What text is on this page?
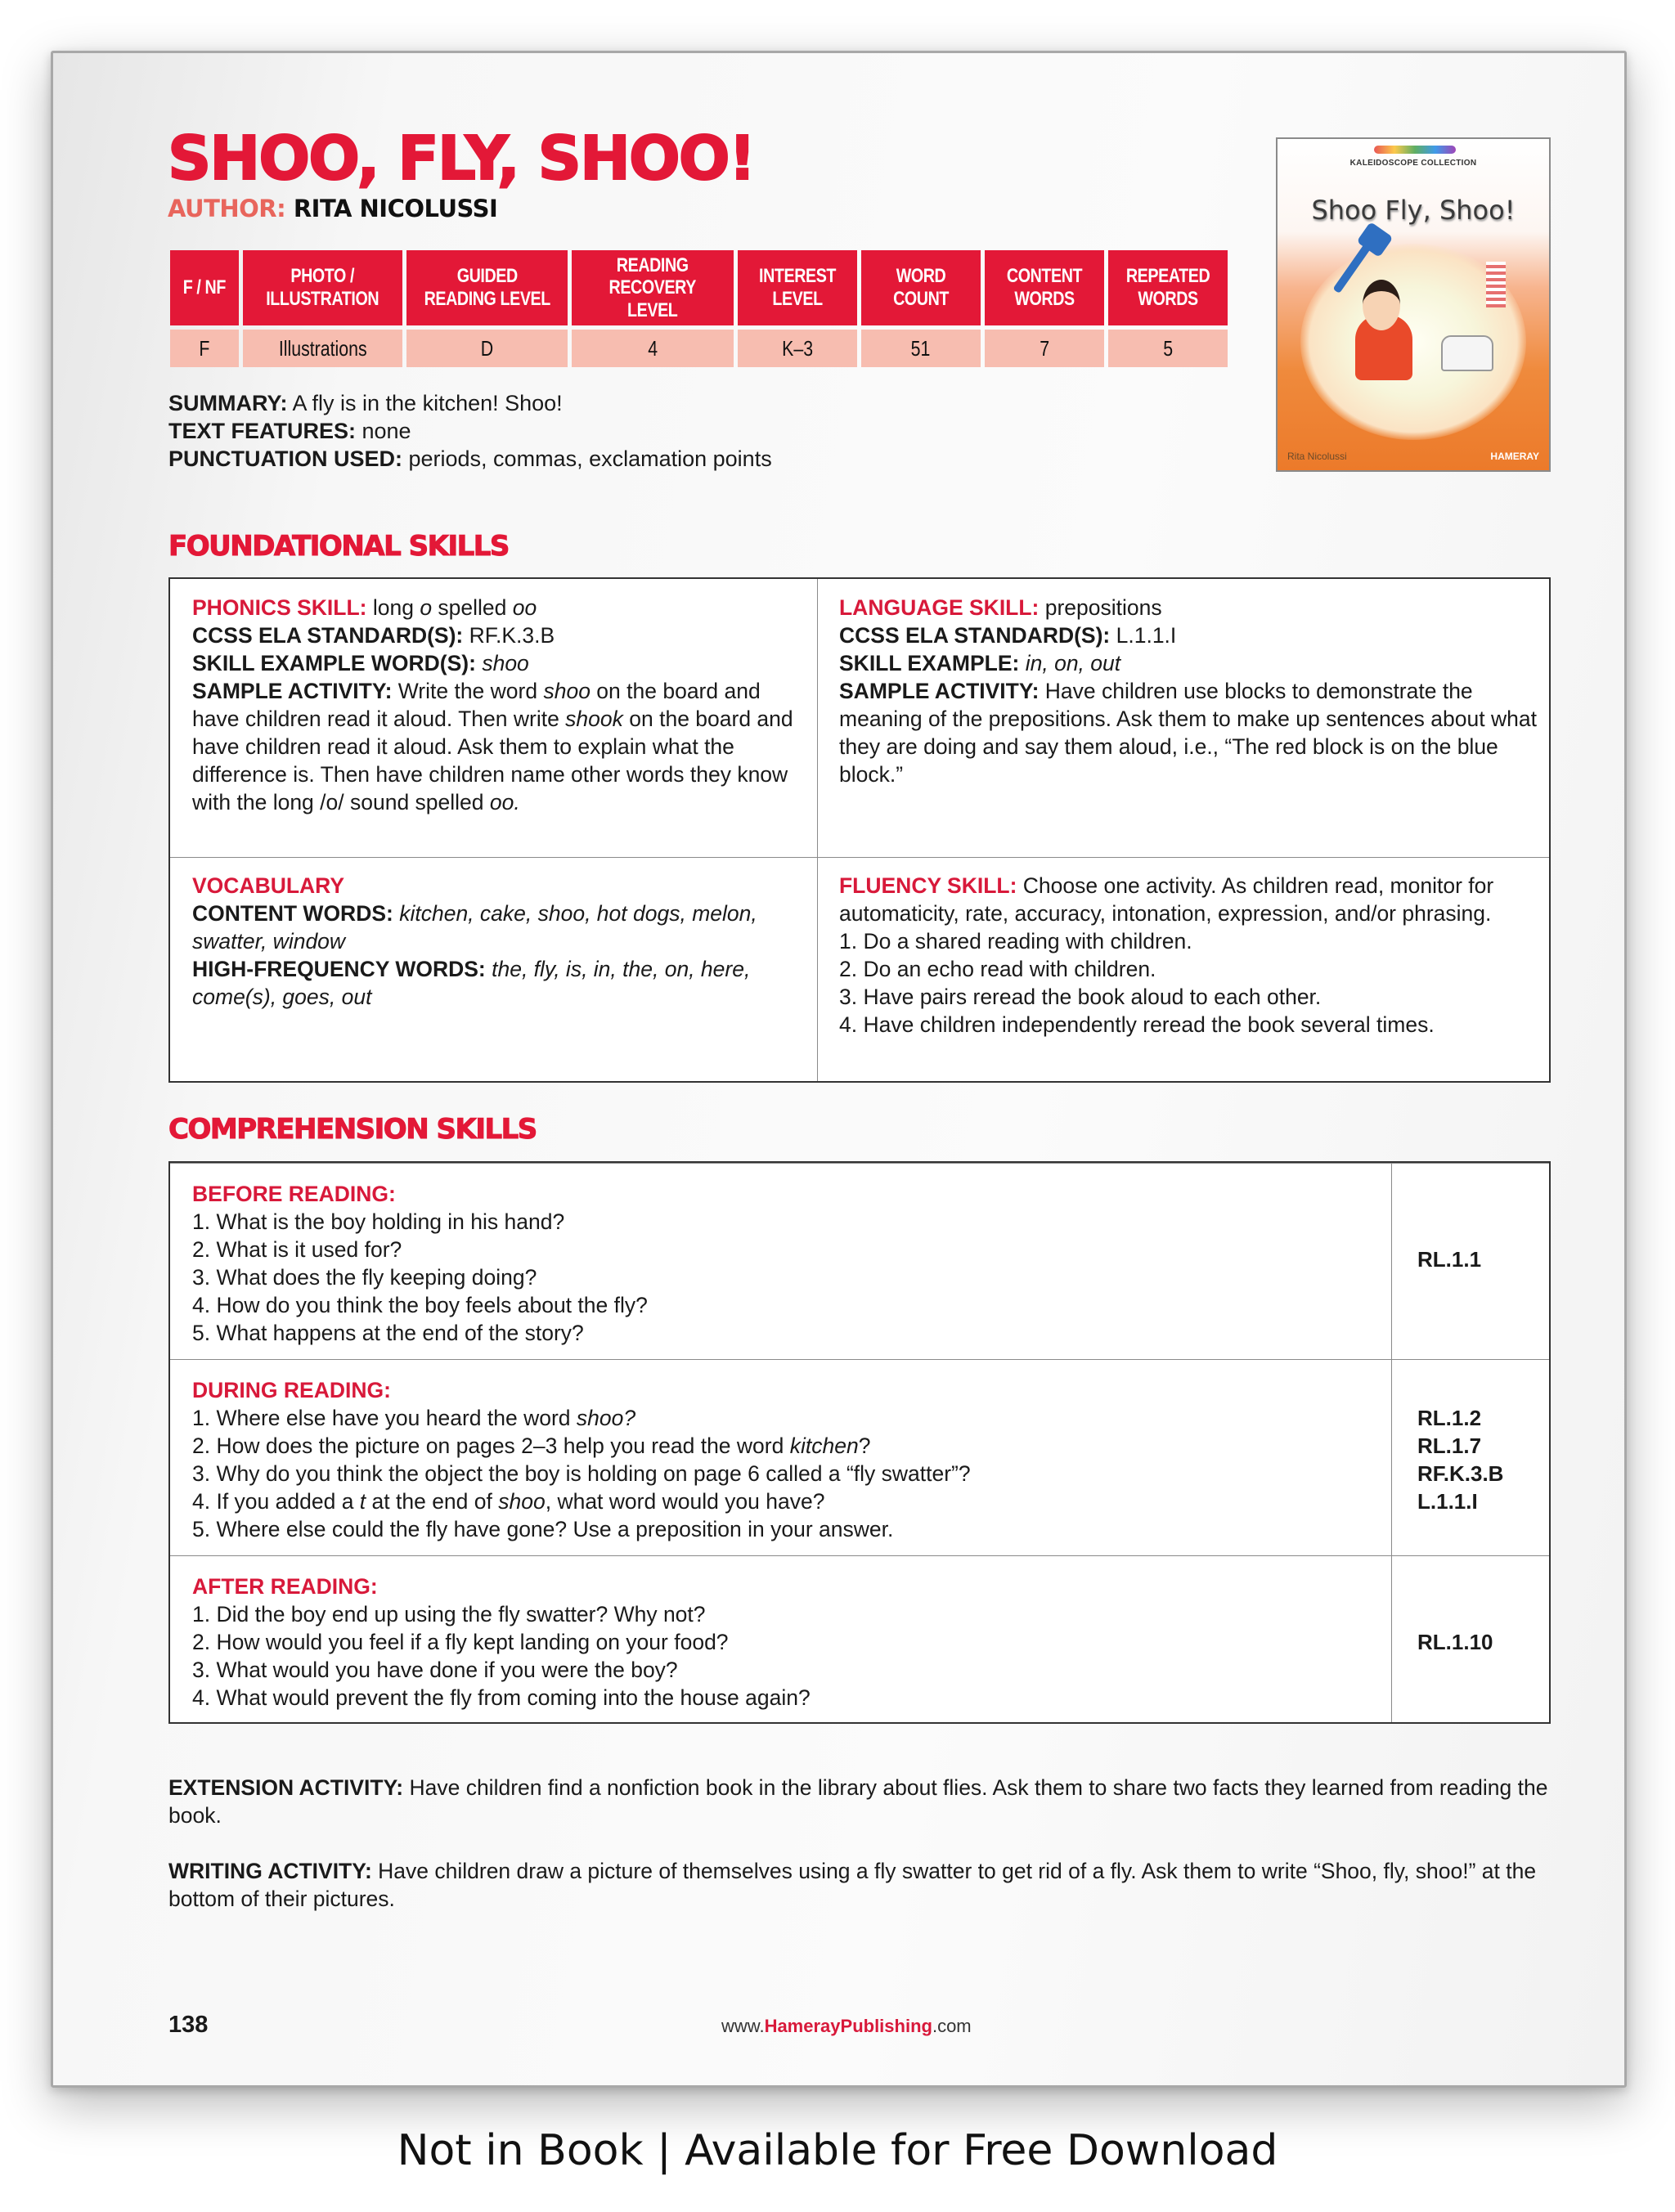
SHOO, FLY, SHOO!
AUTHOR: RITA NICOLUSSI
F / NF	PHOTO / ILLUSTRATION	GUIDED READING LEVEL	READING RECOVERY LEVEL	INTEREST LEVEL	WORD COUNT	CONTENT WORDS	REPEATED WORDS

F	Illustrations	D	4	K–3	51	7	5
KALEIDOSCOPE COLLECTION
Shoo Fly, Shoo!
Rita Nicolussi	HAMERAY
SUMMARY: A fly is in the kitchen! Shoo!
TEXT FEATURES: none
PUNCTUATION USED: periods, commas, exclamation points
FOUNDATIONAL SKILLS
PHONICS SKILL: long o spelled oo
CCSS ELA STANDARD(S): RF.K.3.B
SKILL EXAMPLE WORD(S): shoo
SAMPLE ACTIVITY: Write the word shoo on the board and have children read it aloud. Then write shook on the board and have children read it aloud. Ask them to explain what the difference is. Then have children name other words they know with the long /o/ sound spelled oo.
LANGUAGE SKILL: prepositions
CCSS ELA STANDARD(S): L.1.1.I
SKILL EXAMPLE: in, on, out
SAMPLE ACTIVITY: Have children use blocks to demonstrate the meaning of the prepositions. Ask them to make up sentences about what they are doing and say them aloud, i.e., “The red block is on the blue block.”
VOCABULARY
CONTENT WORDS: kitchen, cake, shoo, hot dogs, melon, swatter, window
HIGH-FREQUENCY WORDS: the, fly, is, in, the, on, here, come(s), goes, out
FLUENCY SKILL: Choose one activity. As children read, monitor for automaticity, rate, accuracy, intonation, expression, and/or phrasing.
1. Do a shared reading with children.
2. Do an echo read with children.
3. Have pairs reread the book aloud to each other.
4. Have children independently reread the book several times.
COMPREHENSION SKILLS
BEFORE READING:
1. What is the boy holding in his hand?
2. What is it used for?
3. What does the fly keeping doing?
4. How do you think the boy feels about the fly?
5. What happens at the end of the story?
RL.1.1
DURING READING:
1. Where else have you heard the word shoo?
2. How does the picture on pages 2–3 help you read the word kitchen?
3. Why do you think the object the boy is holding on page 6 called a “fly swatter”?
4. If you added a t at the end of shoo, what word would you have?
5. Where else could the fly have gone? Use a preposition in your answer.
RL.1.2
RL.1.7
RF.K.3.B
L.1.1.I
AFTER READING:
1. Did the boy end up using the fly swatter? Why not?
2. How would you feel if a fly kept landing on your food?
3. What would you have done if you were the boy?
4. What would prevent the fly from coming into the house again?
RL.1.10
EXTENSION ACTIVITY: Have children find a nonfiction book in the library about flies. Ask them to share two facts they learned from reading the book.
WRITING ACTIVITY: Have children draw a picture of themselves using a fly swatter to get rid of a fly. Ask them to write “Shoo, fly, shoo!” at the bottom of their pictures.
138	www.HamerayPublishing.com
Not in Book | Available for Free Download
